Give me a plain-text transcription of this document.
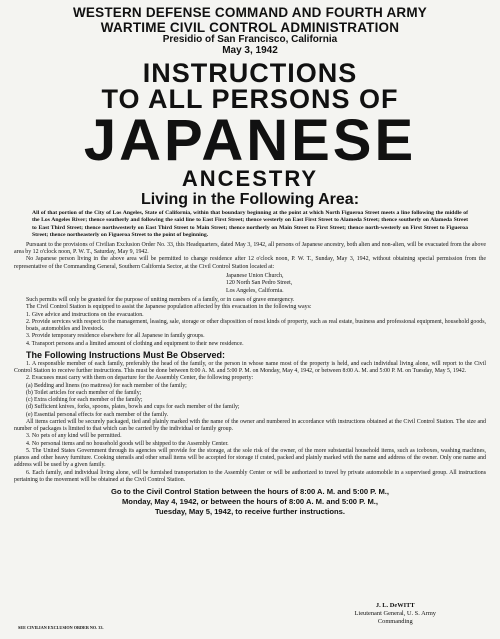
WESTERN DEFENSE COMMAND AND FOURTH ARMY
WARTIME CIVIL CONTROL ADMINISTRATION
Presidio of San Francisco, California
May 3, 1942
INSTRUCTIONS
TO ALL PERSONS OF
JAPANESE
ANCESTRY
Living in the Following Area:
All of that portion of the City of Los Angeles, State of California, within that boundary beginning at the point at which North Figueroa Street meets a line following the middle of the Los Angeles River; thence southerly and following the said line to East First Street; thence westerly on East First Street to Alameda Street; thence southerly on Alameda Street to East Third Street; thence northwesterly on East Third Street to Main Street; thence northerly on Main Street to First Street; thence north-westerly on First Street to Figueroa Street; thence northeasterly on Figueroa Street to the point of beginning.

Pursuant to the provisions of Civilian Exclusion Order No. 33, this Headquarters, dated May 3, 1942, all persons of Japanese ancestry, both alien and non-alien, will be evacuated from the above area by 12 o'clock noon, P. W. T., Saturday, May 9, 1942.

No Japanese person living in the above area will be permitted to change residence after 12 o'clock noon, P. W. T., Sunday, May 3, 1942, without obtaining special permission from the representative of the Commanding General, Southern California Sector, at the Civil Control Station located at:

Japanese Union Church,
120 North San Pedro Street,
Los Angeles, California.

Such permits will only be granted for the purpose of uniting members of a family, or in cases of grave emergency.

The Civil Control Station is equipped to assist the Japanese population affected by this evacuation in the following ways:

1. Give advice and instructions on the evacuation.
2. Provide services with respect to the management, leasing, sale, storage or other disposition of most kinds of property, such as real estate, business and professional equipment, household goods, boats, automobiles and livestock.
3. Provide temporary residence elsewhere for all Japanese in family groups.
4. Transport persons and a limited amount of clothing and equipment to their new residence.
The Following Instructions Must Be Observed:

1. A responsible member of each family, preferably the head of the family, or the person in whose name most of the property is held, and each individual living alone, will report to the Civil Control Station to receive further instructions. This must be done between 8:00 A. M. and 5:00 P. M. on Monday, May 4, 1942, or between 8:00 A. M. and 5:00 P. M. on Tuesday, May 5, 1942.

2. Evacuees must carry with them on departure for the Assembly Center, the following property:

(a) Bedding and linens (no mattress) for each member of the family;
(b) Toilet articles for each member of the family;
(c) Extra clothing for each member of the family;
(d) Sufficient knives, forks, spoons, plates, bowls and cups for each member of the family;
(e) Essential personal effects for each member of the family.

All items carried will be securely packaged, tied and plainly marked with the name of the owner and numbered in accordance with instructions obtained at the Civil Control Station. The size and number of packages is limited to that which can be carried by the individual or family group.

3. No pets of any kind will be permitted.

4. No personal items and no household goods will be shipped to the Assembly Center.

5. The United States Government through its agencies will provide for the storage, at the sole risk of the owner, of the more substantial household items, such as iceboxes, washing machines, pianos and other heavy furniture. Cooking utensils and other small items will be accepted for storage if crated, packed and plainly marked with the name and address of the owner. Only one name and address will be used by a given family.

6. Each family, and individual living alone, will be furnished transportation to the Assembly Center or will be authorized to travel by private automobile in a supervised group. All instructions pertaining to the movement will be obtained at the Civil Control Station.

Go to the Civil Control Station between the hours of 8:00 A. M. and 5:00 P. M.,
Monday, May 4, 1942, or between the hours of 8:00 A. M. and 5:00 P. M.,
Tuesday, May 5, 1942, to receive further instructions.
J. L. DeWITT
Lieutenant General, U. S. Army
Commanding
SEE CIVILIAN EXCLUSION ORDER NO. 33.
